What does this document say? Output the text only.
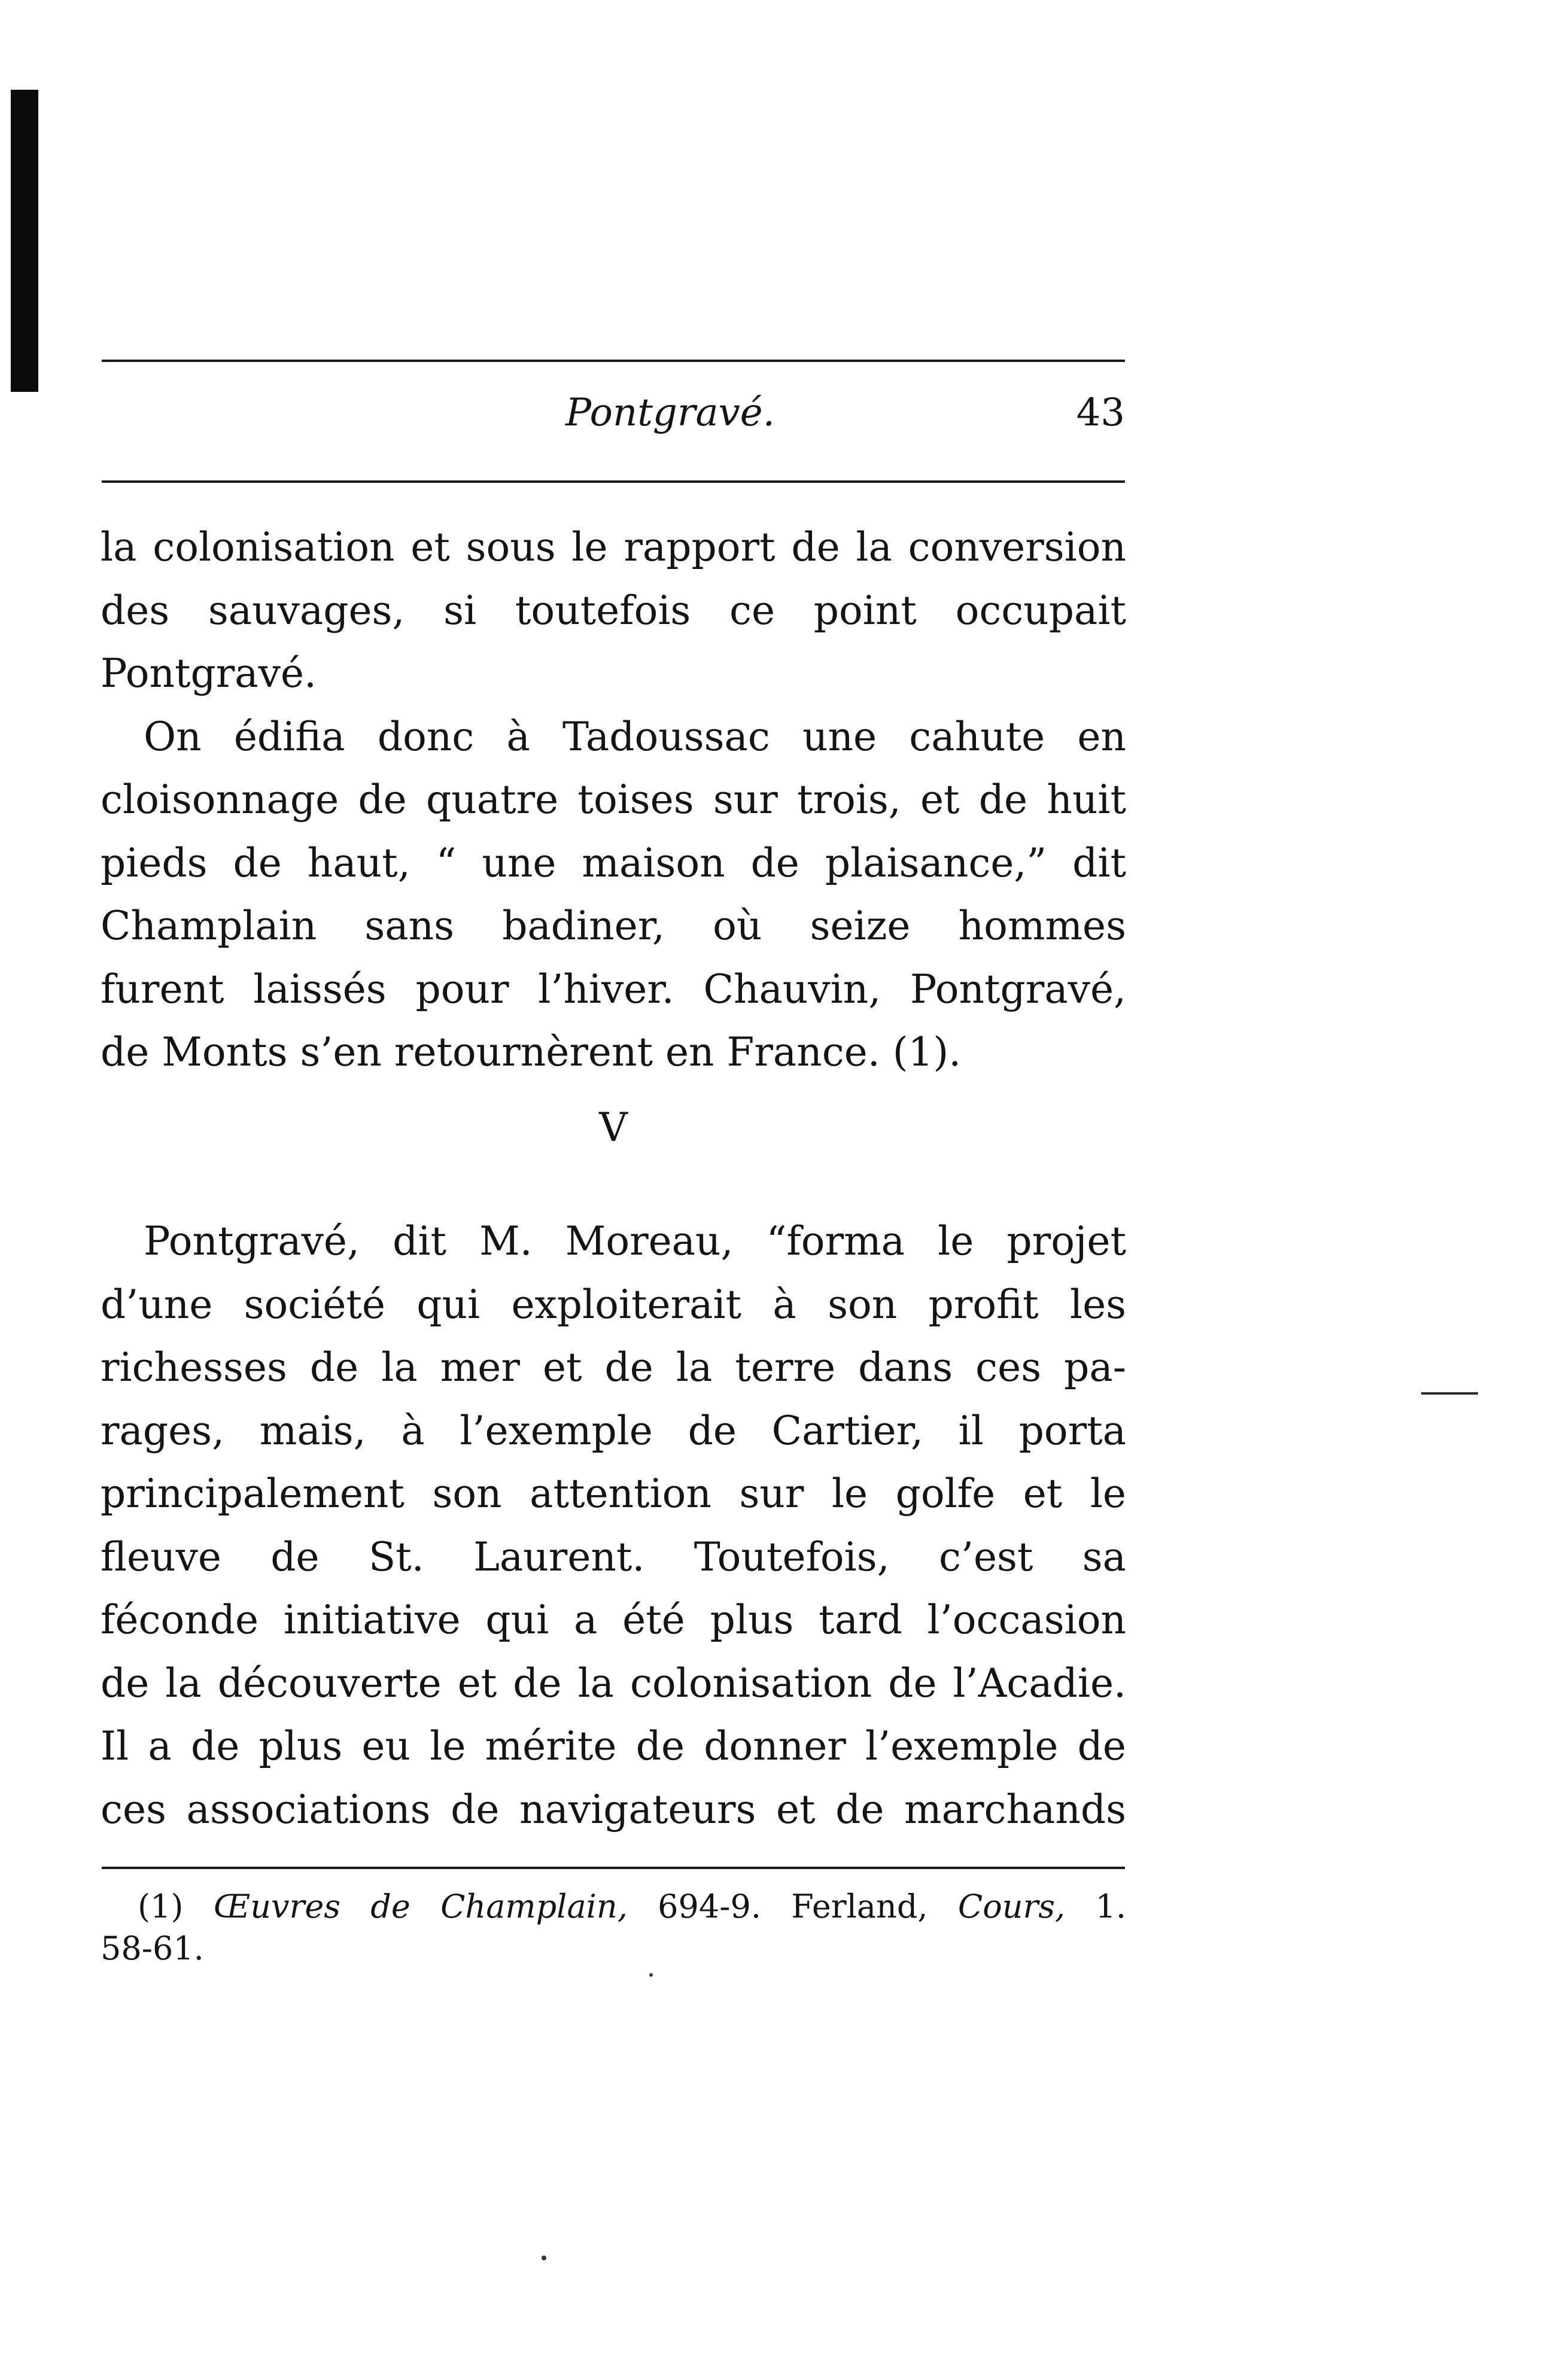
Pontgravé.	43
la colonisation et sous le rapport de la conversion
des sauvages, si toutefois ce point occupait
Pontgravé.
On édifia donc à Tadoussac une cahute en
cloisonnage de quatre toises sur trois, et de huit
pieds de haut, “ une maison de plaisance,” dit
Champlain sans badiner, où seize hommes
furent laissés pour l’hiver. Chauvin, Pontgravé,
de Monts s’en retournèrent en France. (1).
V
Pontgravé, dit M. Moreau, “forma le projet
d’une société qui exploiterait à son profit les
richesses de la mer et de la terre dans ces pa-
rages, mais, à l’exemple de Cartier, il porta
principalement son attention sur le golfe et le
fleuve de St. Laurent. Toutefois, c’est sa
féconde initiative qui a été plus tard l’occasion
de la découverte et de la colonisation de l’Acadie.
Il a de plus eu le mérite de donner l’exemple de
ces associations de navigateurs et de marchands
(1) Œuvres de Champlain, 694-9. Ferland, Cours, 1.
58-61.
